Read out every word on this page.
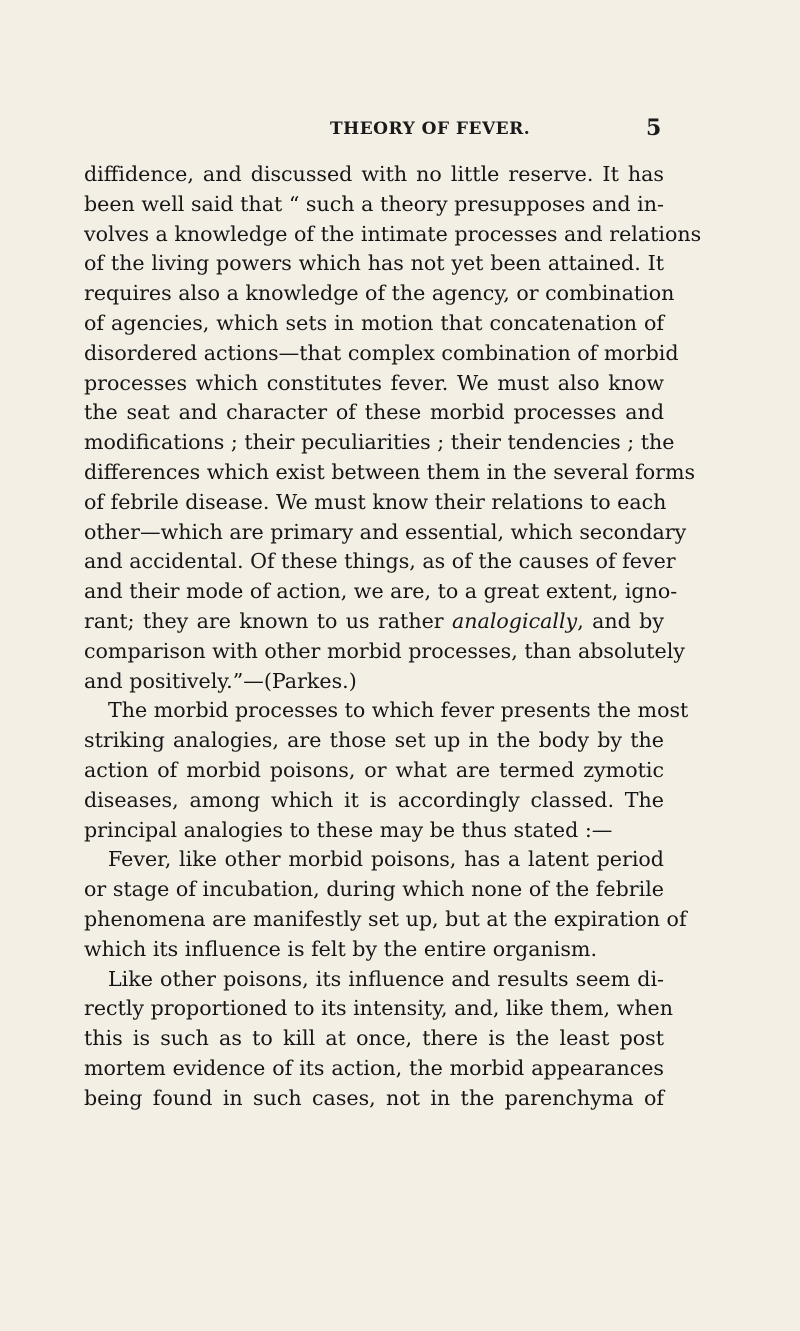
THEORY OF FEVER.	5
diffidence, and discussed with no little reserve. It has
been well said that “ such a theory presupposes and in-
volves a knowledge of the intimate processes and relations
of the living powers which has not yet been attained. It
requires also a knowledge of the agency, or combination
of agencies, which sets in motion that concatenation of
disordered actions—that complex combination of morbid
processes which constitutes fever. We must also know
the seat and character of these morbid processes and
modifications ; their peculiarities ; their tendencies ; the
differences which exist between them in the several forms
of febrile disease. We must know their relations to each
other—which are primary and essential, which secondary
and accidental. Of these things, as of the causes of fever
and their mode of action, we are, to a great extent, igno-
rant; they are known to us rather analogically, and by
comparison with other morbid processes, than absolutely
and positively.”—(Parkes.)
The morbid processes to which fever presents the most
striking analogies, are those set up in the body by the
action of morbid poisons, or what are termed zymotic
diseases, among which it is accordingly classed. The
principal analogies to these may be thus stated :—
Fever, like other morbid poisons, has a latent period
or stage of incubation, during which none of the febrile
phenomena are manifestly set up, but at the expiration of
which its influence is felt by the entire organism.
Like other poisons, its influence and results seem di-
rectly proportioned to its intensity, and, like them, when
this is such as to kill at once, there is the least post
mortem evidence of its action, the morbid appearances
being found in such cases, not in the parenchyma of
